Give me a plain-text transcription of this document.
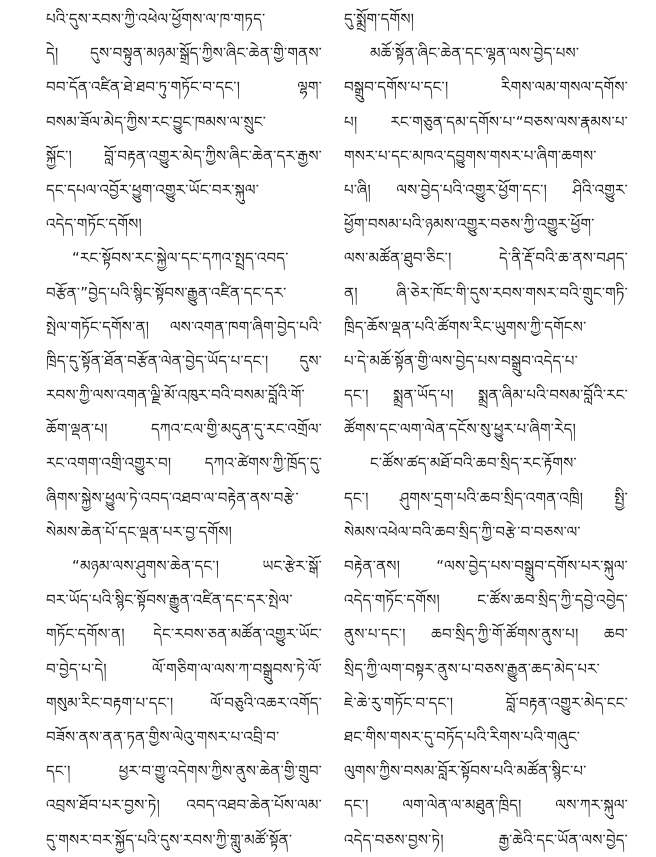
པའི་དུས་རབས་ཀྱི་འཕེལ་ཕྱོགས་ལ་ཁ་གཏད་
དེ། དུས་བསྟུན་མཉམ་སྒྲོད་ཀྱིས་ཞིང་ཆེན་གྱི་གནས་
བབ་དོན་འཛིན་ཐེ་ཐབ་ཏུ་གཏོང་བ་དང་། ལྷག་
བསམ་ཟོལ་མེད་ཀྱིས་རང་བྱུང་ཁམས་ལ་སྲུང་
སྐྱོང་། བློ་བརྟན་འགྱུར་མེད་ཀྱིས་ཞིང་ཆེན་དར་རྒྱས་
དང་དཔལ་འབྱོར་ཕྱུག་འགྱུར་ཡོང་བར་སྐུལ་
འདེད་གཏོང་དགོས།
“རང་སྟོབས་རང་སྐྱེལ་དང་དཀའ་སྤྲད་འབད་
བརྩོན་”བྱེད་པའི་སྙིང་སྟོབས་རྒྱུན་འཛིན་དང་དར་
སྤེལ་གཏོང་དགོས་ན། ལས་འགན་ཁག་ཞིག་བྱེད་པའི་
ཁྲིད་དུ་སྟོན་ཐོན་བརྩོན་ལེན་བྱེད་ཡོད་པ་དང་། དུས་
རབས་ཀྱི་ལས་འགན་ལྗི་མོ་འཁུར་བའི་བསམ་བློའི་གོ་
ཆོག་ལྡན་པ། དཀའ་ངལ་གྱི་མདུན་དུ་རང་འགྲོལ་
རང་འགག་འགྲི་འགྱུར་བ། དཀའ་ཚེགས་ཀྱི་ཁྲོད་དུ་
ཞིགས་སྐྱེས་ཕྱུལ་ཏེ་འབད་འཐབ་ལ་བརྟེན་ནས་བརྩེ་
སེམས་ཆེན་པོ་དང་ལྡན་པར་བྱ་དགོས།
“མཉམ་ལས་ཤུགས་ཆེན་དང་། ཡང་རྩེར་སྒོ་
བར་ཡོད་པའི་སྙིང་སྟོབས་རྒྱུན་འཛིན་དང་དར་སྤེལ་
གཏོང་དགོས་ན། དེང་རབས་ཅན་མཚོན་འགྱུར་ཡོང་
བ་བྱེད་པ་དེ། ལོ་གཅིག་ལ་ལས་ཀ་བསྒྲུབས་ཏེ་ལོ་
གསུམ་རིང་བརྟག་པ་དང་། ལོ་བཅུའི་འཆར་འགོད་
བཟོས་ནས་ནན་ཏན་གྱིས་ལེའུ་གསར་པ་འབྲི་བ་
དང་། ཕྱར་བ་གྱུ་འདེགས་ཀྱིས་ནུས་ཆེན་གྱི་གྲུབ་
འབྲས་ཐོབ་པར་བྱས་ཏེ། འབད་འཐབ་ཆེན་པོས་ལམ་
དུ་གསར་བར་སྐྱོད་པའི་དུས་རབས་ཀྱི་གླུ་མཚོ་སྟོན་
དུ་སྨྲོག་དགོས།
མཆོ་སྟོན་ཞིང་ཆེན་དང་ལྷན་ལས་བྱེད་པས་
བསྒྲུབ་དགོས་པ་དང་། རིགས་ལམ་གསལ་དགོས་
པ། རང་གཅུན་དམ་དགོས་པ་“བཅས་ལས་རྣམས་པ་
གསར་པ་དང་མཁའ་དབྱུགས་གསར་པ་ཞིག་ཆགས་
པ་ཞི། ལས་བྱེད་པའི་འགྱུར་ཕྱོག་དང་། ཤིའི་འགྱུར་
ཕྱོག་བསམ་པའི་ཉམས་འགྱུར་བཅས་ཀྱི་འགྱུར་ཕྱོག་
ལས་མཚོན་ཐུབ་ཅིང་། དེ་ནི་རྡོ་བའི་ཆ་ནས་བཤད་
ན། ཞི་ཅེར་ཁོང་གི་དུས་རབས་གསར་བའི་གྲུང་གཏི་
ཁྲིད་ཆོས་ལྡན་པའི་ཚོགས་རིང་ཡུགས་ཀྱི་དགོངས་
པ་དེ་མཆོ་སྟོན་གྱི་ལས་བྱེད་པས་བསྒྲུབ་འདེད་པ་
དང་། སྨྲན་ཡོད་པ། སྨྲན་ཞིམ་པའི་བསམ་བློའི་རང་
ཚོགས་དང་ལག་ལེན་དངོས་སུ་ཕྱུར་པ་ཞིག་རེད།
ང་ཚོས་ཚད་མཐོ་བའི་ཆབ་སྲིད་རང་རྟོགས་
དང་། ཤུགས་དྲག་པའི་ཆབ་སྲིད་འགན་འཁྲི། སྤྱི་
སེམས་འཕེལ་བའི་ཆབ་སྲིད་ཀྱི་བརྩེ་བ་བཅས་ལ་
བརྟེན་ནས། “ལས་བྱེད་པས་བསྒྲུབ་དགོས་པར་སྐུལ་
འདེད་གཏོང་དགོས། ང་ཚོས་ཆབ་སྲིད་ཀྱི་དབྱེ་འབྱེད་
ནུས་པ་དང་། ཆབ་སྲིད་ཀྱི་གོ་ཚོགས་ནུས་པ། ཆབ་
སྲིད་ཀྱི་ལག་བསྟར་ནུས་པ་བཅས་རྒྱུན་ཆད་མེད་པར་
ཇེ་ཆེ་རུ་གཏོང་བ་དང་། བློ་བརྟན་འགྱུར་མེད་ངང་
ཐང་གིས་གསར་དུ་བཏོད་པའི་རིགས་པའི་གཞུང་
ལུགས་ཀྱིས་བསམ་བློར་སྟོབས་པའི་མཚོན་སྙིང་པ་
དང་། ལག་ལེན་ལ་མཐུན་ཁྲིད། ལས་ཀར་སྐུལ་
འདེད་བཅས་བྱས་ཏེ། རྒྱ་ཆེའི་དང་ཡོན་ལས་བྱེད་
